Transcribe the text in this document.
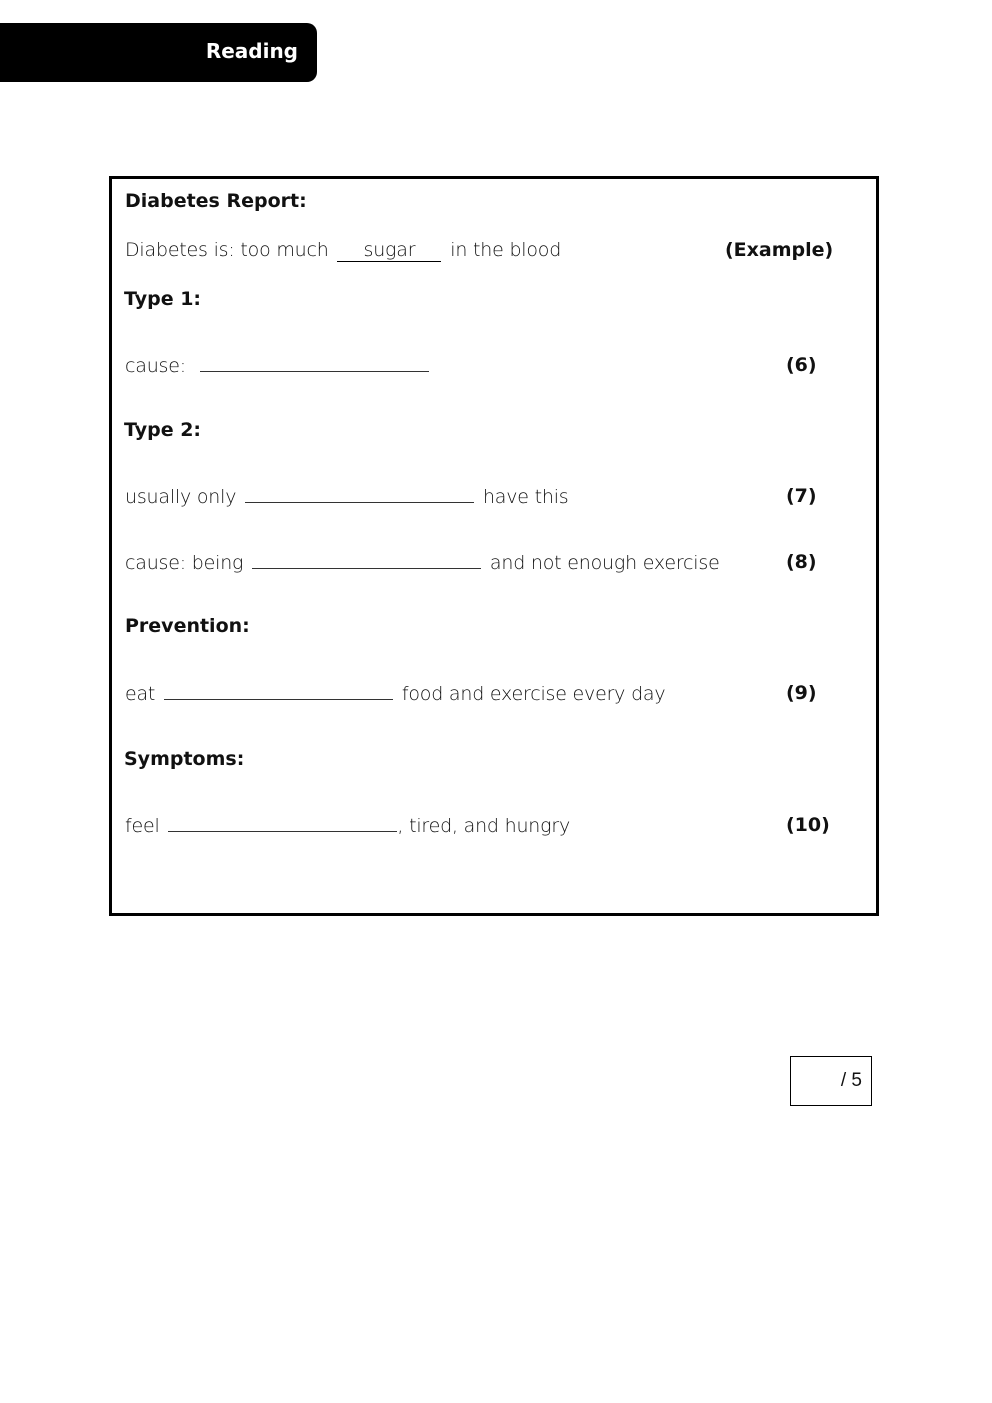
Reading
Diabetes Report:
Diabetes is: too much sugar in the blood	(Example)
Type 1:
cause:	(6)
Type 2:
usually only	have this	(7)
cause: being	and not enough exercise	(8)
Prevention:
eat	food and exercise every day	(9)
Symptoms:
feel	, tired, and hungry	(10)
/ 5
